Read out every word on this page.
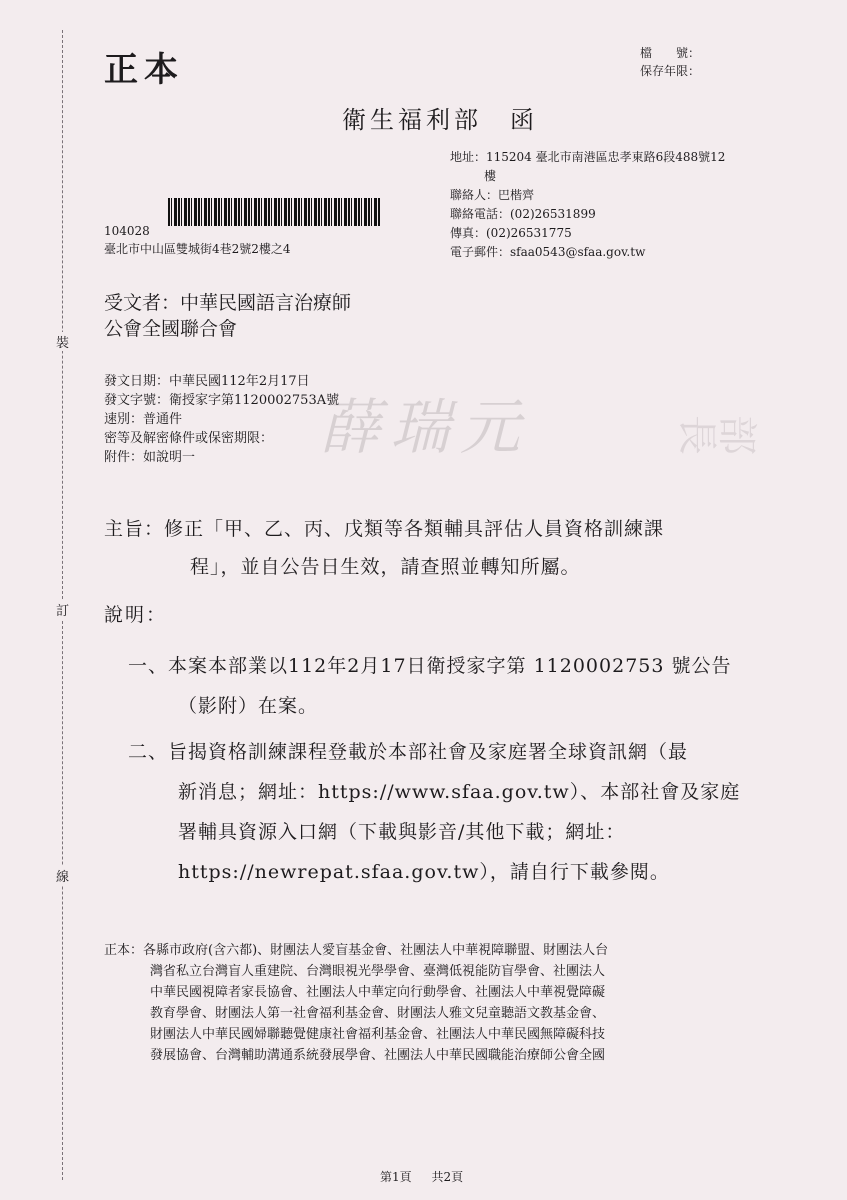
裝
訂
線
正本	檔　　號：
保存年限：
衛生福利部　函
地址：115204 臺北市南港區忠孝東路6段488號12
樓
聯絡人：巴楷齊
聯絡電話：(02)26531899
傳真：(02)26531775
電子郵件：sfaa0543@sfaa.gov.tw
104028
臺北市中山區雙城街4巷2號2樓之4
受文者：中華民國語言治療師公會全國聯合會
發文日期：中華民國112年2月17日
發文字號：衛授家字第1120002753A號
速別：普通件
密等及解密條件或保密期限：
附件：如說明一	薛瑞元	部長
主旨：修正「甲、乙、丙、戊類等各類輔具評估人員資格訓練課
程」，並自公告日生效，請查照並轉知所屬。
說明：
一、本案本部業以112年2月17日衛授家字第 1120002753 號公告
（影附）在案。
二、旨揭資格訓練課程登載於本部社會及家庭署全球資訊網（最
新消息；網址：https://www.sfaa.gov.tw）、本部社會及家庭
署輔具資源入口網（下載與影音/其他下載；網址：
https://newrepat.sfaa.gov.tw），請自行下載參閱。
正本：各縣市政府(含六都)、財團法人愛盲基金會、社團法人中華視障聯盟、財團法人台
灣省私立台灣盲人重建院、台灣眼視光學學會、臺灣低視能防盲學會、社團法人
中華民國視障者家長協會、社團法人中華定向行動學會、社團法人中華視覺障礙
教育學會、財團法人第一社會福利基金會、財團法人雅文兒童聽語文教基金會、
財團法人中華民國婦聯聽覺健康社會福利基金會、社團法人中華民國無障礙科技
發展協會、台灣輔助溝通系統發展學會、社團法人中華民國職能治療師公會全國
第1頁 共2頁
